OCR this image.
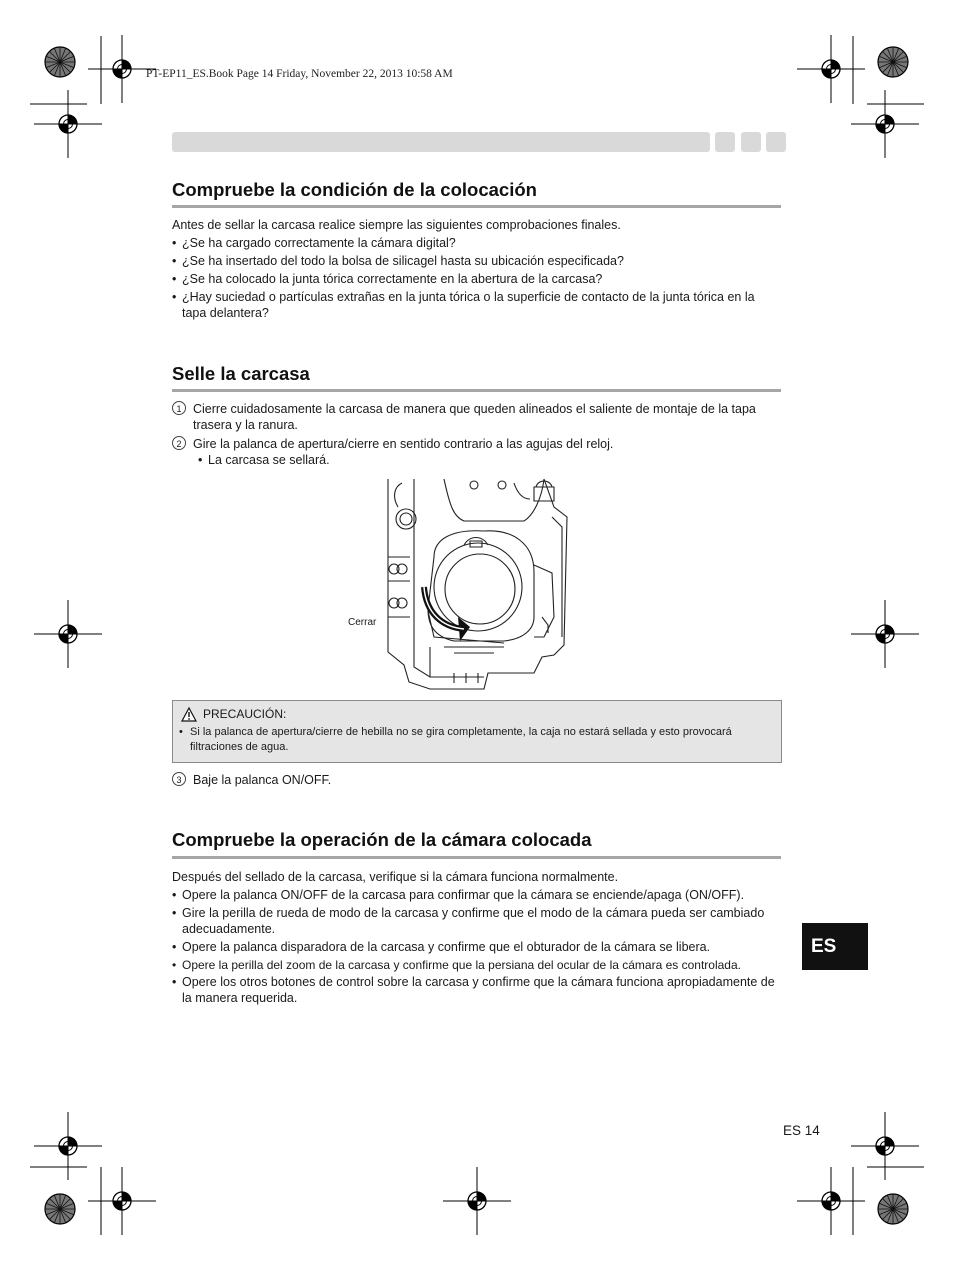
PT-EP11_ES.Book Page 14 Friday, November 22, 2013 10:58 AM
Compruebe la condición de la colocación
Antes de sellar la carcasa realice siempre las siguientes comprobaciones finales.
• ¿Se ha cargado correctamente la cámara digital?
• ¿Se ha insertado del todo la bolsa de silicagel hasta su ubicación especificada?
• ¿Se ha colocado la junta tórica correctamente en la abertura de la carcasa?
• ¿Hay suciedad o partículas extrañas en la junta tórica o la superficie de contacto de la junta tórica en la tapa delantera?
Selle la carcasa
1 Cierre cuidadosamente la carcasa de manera que queden alineados el saliente de montaje de la tapa trasera y la ranura.
2 Gire la palanca de apertura/cierre en sentido contrario a las agujas del reloj.
• La carcasa se sellará.
Cerrar
PRECAUCIÓN:
• Si la palanca de apertura/cierre de hebilla no se gira completamente, la caja no estará sellada y esto provocará filtraciones de agua.
3 Baje la palanca ON/OFF.
Compruebe la operación de la cámara colocada
Después del sellado de la carcasa, verifique si la cámara funciona normalmente.
• Opere la palanca ON/OFF de la carcasa para confirmar que la cámara se enciende/apaga (ON/OFF).
• Gire la perilla de rueda de modo de la carcasa y confirme que el modo de la cámara pueda ser cambiado adecuadamente.
• Opere la palanca disparadora de la carcasa y confirme que el obturador de la cámara se libera.
• Opere la perilla del zoom de la carcasa y confirme que la persiana del ocular de la cámara es controlada.
• Opere los otros botones de control sobre la carcasa y confirme que la cámara funciona apropiadamente de la manera requerida.
ES
ES 14
